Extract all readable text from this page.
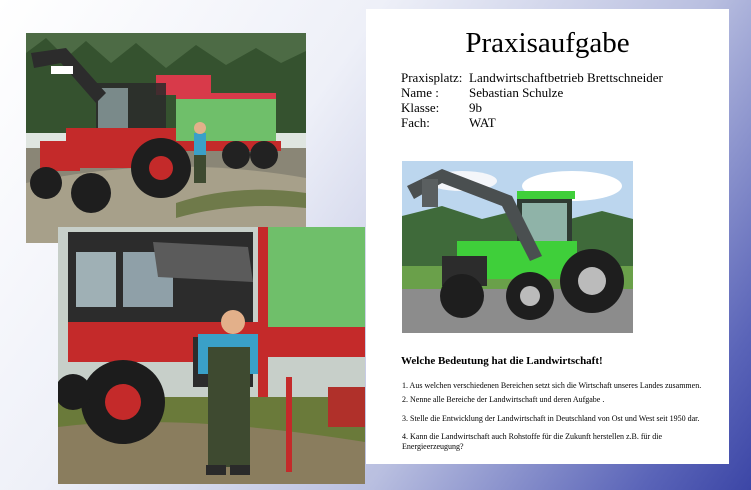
Praxisaufgabe
Praxisplatz: Landwirtschaftbetrieb Brettschneider
Name : Sebastian Schulze
Klasse: 9b
Fach:	WAT
Welche Bedeutung hat die Landwirtschaft!
1. Aus welchen verschiedenen Bereichen setzt sich die Wirtschaft unseres Landes zusammen.
2. Nenne alle Bereiche der Landwirtschaft und deren Aufgabe .
3. Stelle die Entwicklung der Landwirtschaft in Deutschland von Ost und West seit 1950 dar.
4. Kann die Landwirtschaft auch Rohstoffe für die Zukunft herstellen z.B. für die Energieerzeugung?
